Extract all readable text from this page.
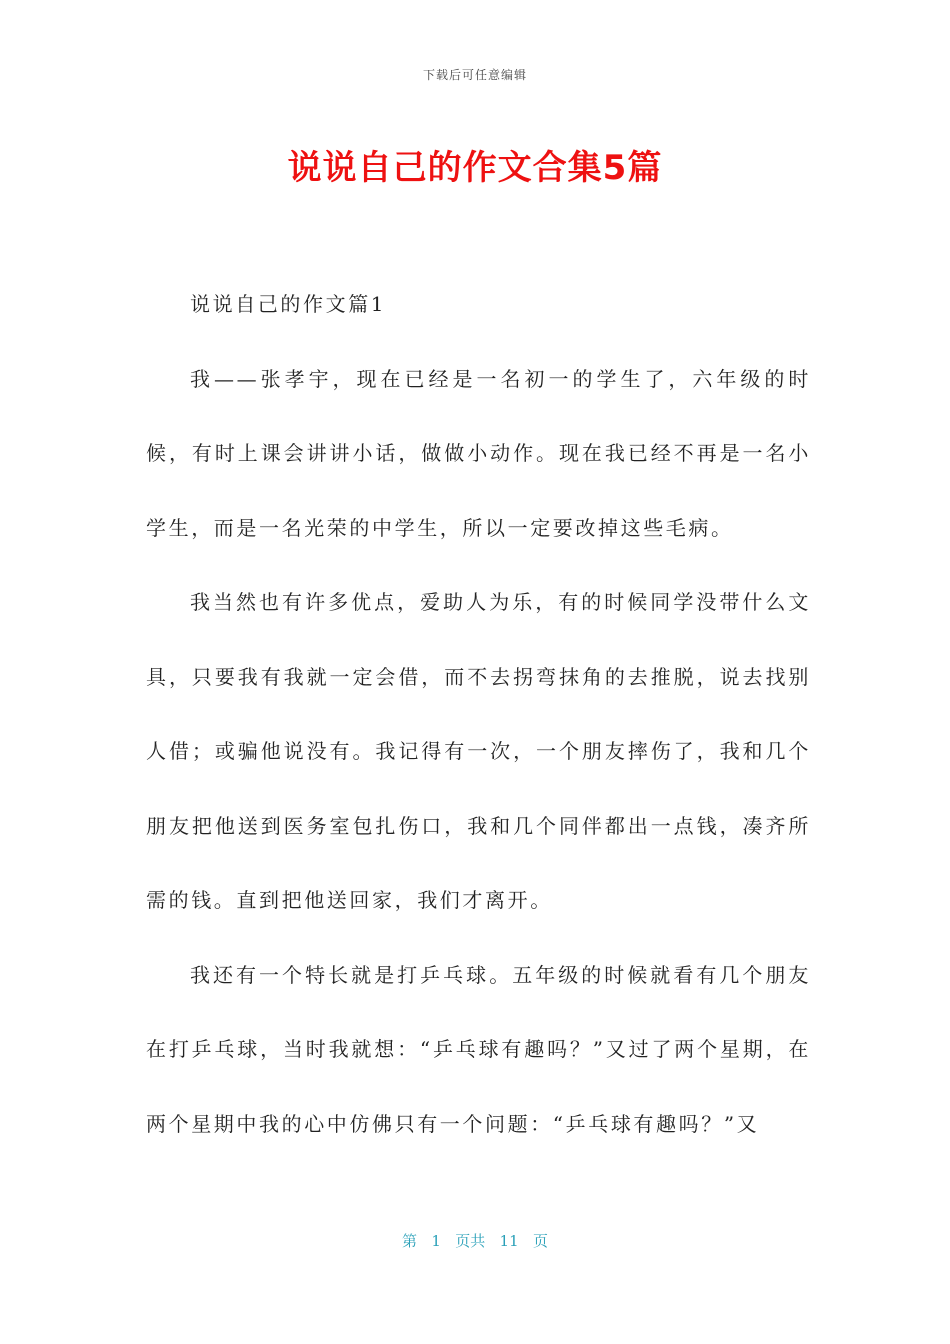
下载后可任意编辑
说说自己的作文合集5篇

说说自己的作文篇1

我——张孝宇，现在已经是一名初一的学生了，六年级的时候，有时上课会讲讲小话，做做小动作。现在我已经不再是一名小学生，而是一名光荣的中学生，所以一定要改掉这些毛病。

我当然也有许多优点，爱助人为乐，有的时候同学没带什么文具，只要我有我就一定会借，而不去拐弯抹角的去推脱，说去找别人借；或骗他说没有。我记得有一次，一个朋友摔伤了，我和几个朋友把他送到医务室包扎伤口，我和几个同伴都出一点钱，凑齐所需的钱。直到把他送回家，我们才离开。

我还有一个特长就是打乒乓球。五年级的时候就看有几个朋友在打乒乓球，当时我就想：“乒乓球有趣吗？”又过了两个星期，在两个星期中我的心中仿佛只有一个问题：“乒乓球有趣吗？”又

第 1 页共 11 页
